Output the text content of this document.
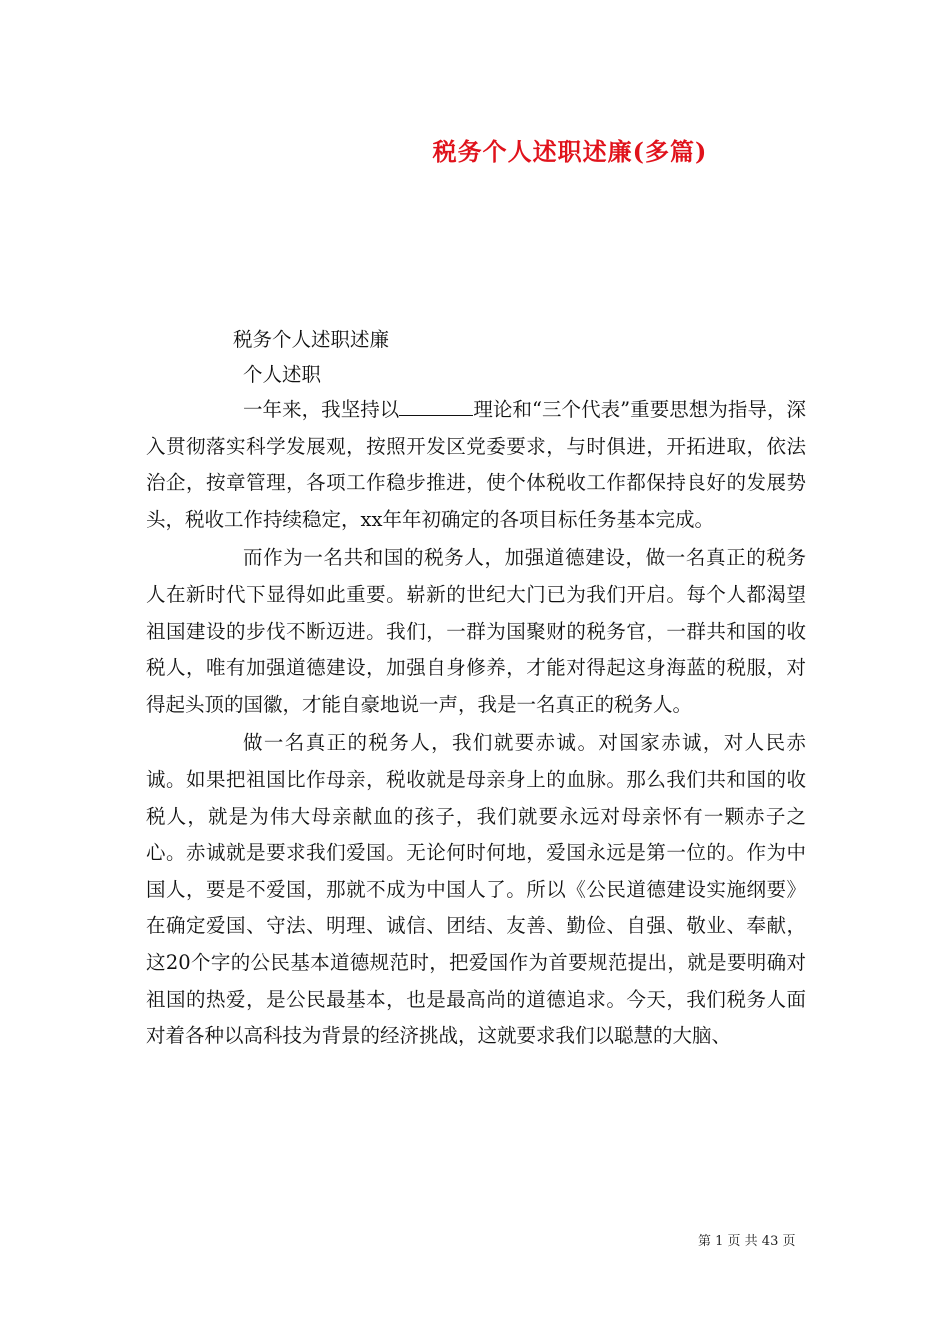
税务个人述职述廉(多篇)

税务个人述职述廉

个人述职

一年来，我坚持以	理论和“三个代表”重要思想为指导，深入贯彻落实科学发展观，按照开发区党委要求，与时俱进，开拓进取，依法治企，按章管理，各项工作稳步推进，使个体税收工作都保持良好的发展势头，税收工作持续稳定，xx年年初确定的各项目标任务基本完成。

而作为一名共和国的税务人，加强道德建设，做一名真正的税务人在新时代下显得如此重要。崭新的世纪大门已为我们开启。每个人都渴望祖国建设的步伐不断迈进。我们，一群为国聚财的税务官，一群共和国的收税人，唯有加强道德建设，加强自身修养，才能对得起这身海蓝的税服，对得起头顶的国徽，才能自豪地说一声，我是一名真正的税务人。

做一名真正的税务人，我们就要赤诚。对国家赤诚，对人民赤诚。如果把祖国比作母亲，税收就是母亲身上的血脉。那么我们共和国的收税人，就是为伟大母亲献血的孩子，我们就要永远对母亲怀有一颗赤子之心。赤诚就是要求我们爱国。无论何时何地，爱国永远是第一位的。作为中国人，要是不爱国，那就不成为中国人了。所以《公民道德建设实施纲要》在确定爱国、守法、明理、诚信、团结、友善、勤俭、自强、敬业、奉献，这20个字的公民基本道德规范时，把爱国作为首要规范提出，就是要明确对祖国的热爱，是公民最基本，也是最高尚的道德追求。今天，我们税务人面对着各种以高科技为背景的经济挑战，这就要求我们以聪慧的大脑、

第 1 页 共 43 页
